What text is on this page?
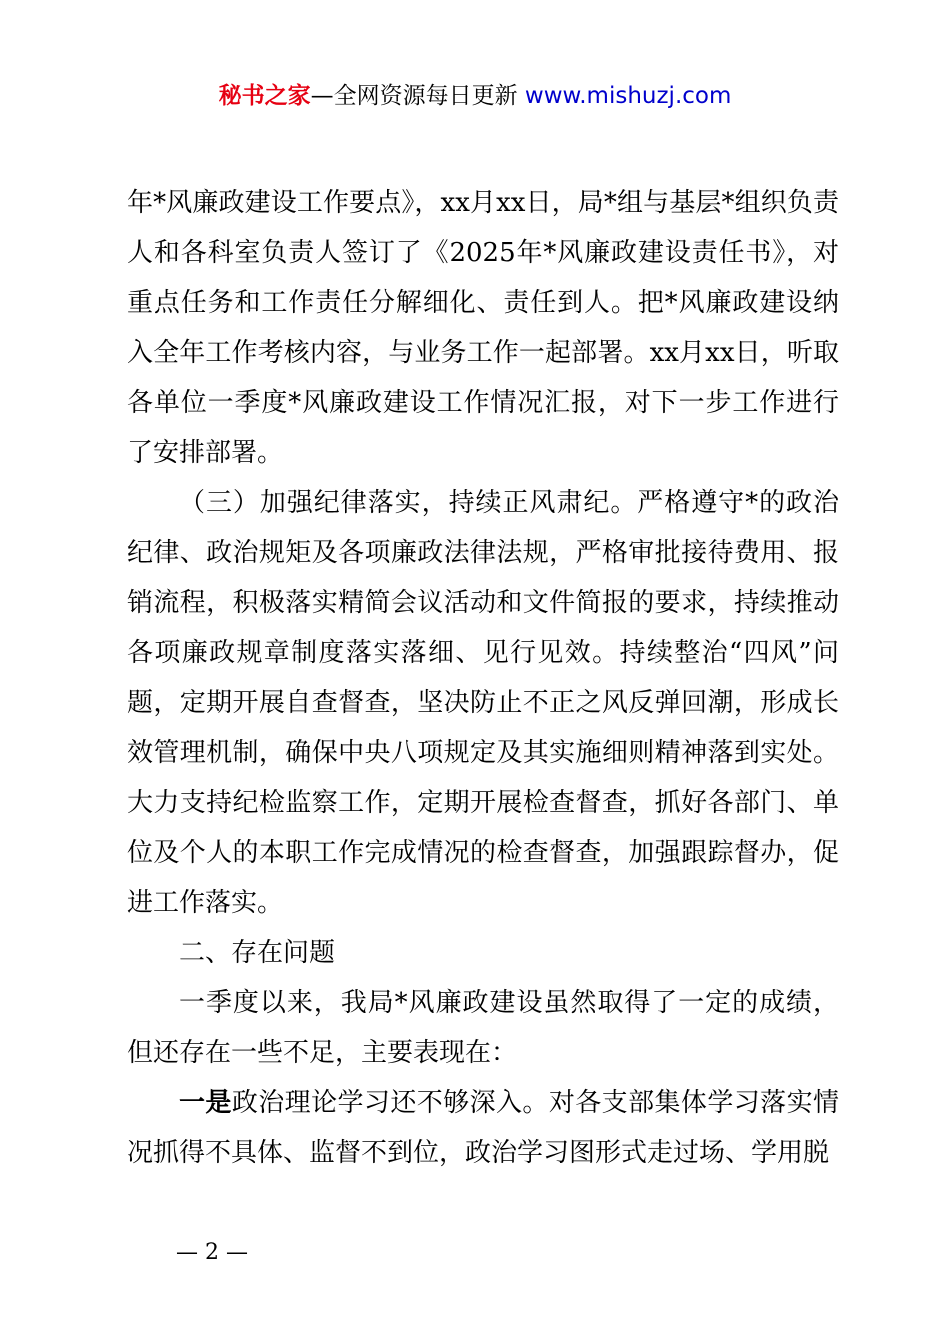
秘书之家—全网资源每日更新 www.mishuzj.com

年*风廉政建设工作要点》，xx月xx日，局*组与基层*组织负责人和各科室负责人签订了《2025年*风廉政建设责任书》，对重点任务和工作责任分解细化、责任到人。把*风廉政建设纳入全年工作考核内容，与业务工作一起部署。xx月xx日，听取各单位一季度*风廉政建设工作情况汇报，对下一步工作进行了安排部署。

（三）加强纪律落实，持续正风肃纪。严格遵守*的政治纪律、政治规矩及各项廉政法律法规，严格审批接待费用、报销流程，积极落实精简会议活动和文件简报的要求，持续推动各项廉政规章制度落实落细、见行见效。持续整治“四风”问题，定期开展自查督查，坚决防止不正之风反弹回潮，形成长效管理机制，确保中央八项规定及其实施细则精神落到实处。大力支持纪检监察工作，定期开展检查督查，抓好各部门、单位及个人的本职工作完成情况的检查督查，加强跟踪督办，促进工作落实。

二、存在问题

一季度以来，我局*风廉政建设虽然取得了一定的成绩，但还存在一些不足，主要表现在：

一是政治理论学习还不够深入。对各支部集体学习落实情况抓得不具体、监督不到位，政治学习图形式走过场、学用脱

— 2 —
